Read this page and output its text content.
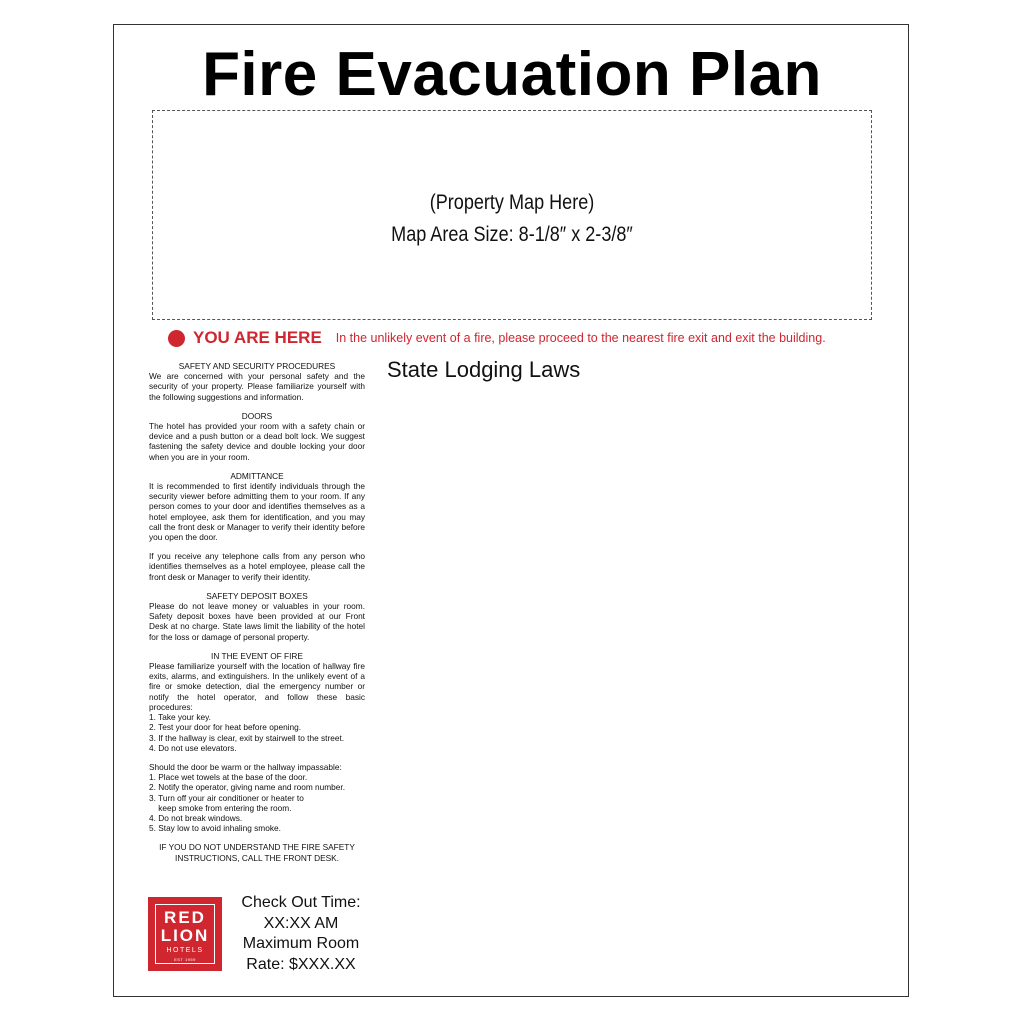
Fire Evacuation Plan
(Property Map Here)
Map Area Size: 8-1/8″ x 2-3/8″
YOU ARE HERE In the unlikely event of a fire, please proceed to the nearest fire exit and exit the building.
State Lodging Laws
SAFETY AND SECURITY PROCEDURES
We are concerned with your personal safety and the security of your property. Please familiarize yourself with the following suggestions and information.
DOORS
The hotel has provided your room with a safety chain or device and a push button or a dead bolt lock. We suggest fastening the safety device and double locking your door when you are in your room.
ADMITTANCE
It is recommended to first identify individuals through the security viewer before admitting them to your room. If any person comes to your door and identifies themselves as a hotel employee, ask them for identification, and you may call the front desk or Manager to verify their identity before you open the door.
If you receive any telephone calls from any person who identifies themselves as a hotel employee, please call the front desk or Manager to verify their identity.
SAFETY DEPOSIT BOXES
Please do not leave money or valuables in your room. Safety deposit boxes have been provided at our Front Desk at no charge. State laws limit the liability of the hotel for the loss or damage of personal property.
IN THE EVENT OF FIRE
Please familiarize yourself with the location of hallway fire exits, alarms, and extinguishers. In the unlikely event of a fire or smoke detection, dial the emergency number or notify the hotel operator, and follow these basic procedures:
1. Take your key.
2. Test your door for heat before opening.
3. If the hallway is clear, exit by stairwell to the street.
4. Do not use elevators.
Should the door be warm or the hallway impassable:
1. Place wet towels at the base of the door.
2. Notify the operator, giving name and room number.
3. Turn off your air conditioner or heater to
keep smoke from entering the room.
4. Do not break windows.
5. Stay low to avoid inhaling smoke.
IF YOU DO NOT UNDERSTAND THE FIRE SAFETY
INSTRUCTIONS, CALL THE FRONT DESK.
RED
LION
HOTELS
EST 1959
Check Out Time:
XX:XX AM
Maximum Room
Rate: $XXX.XX
